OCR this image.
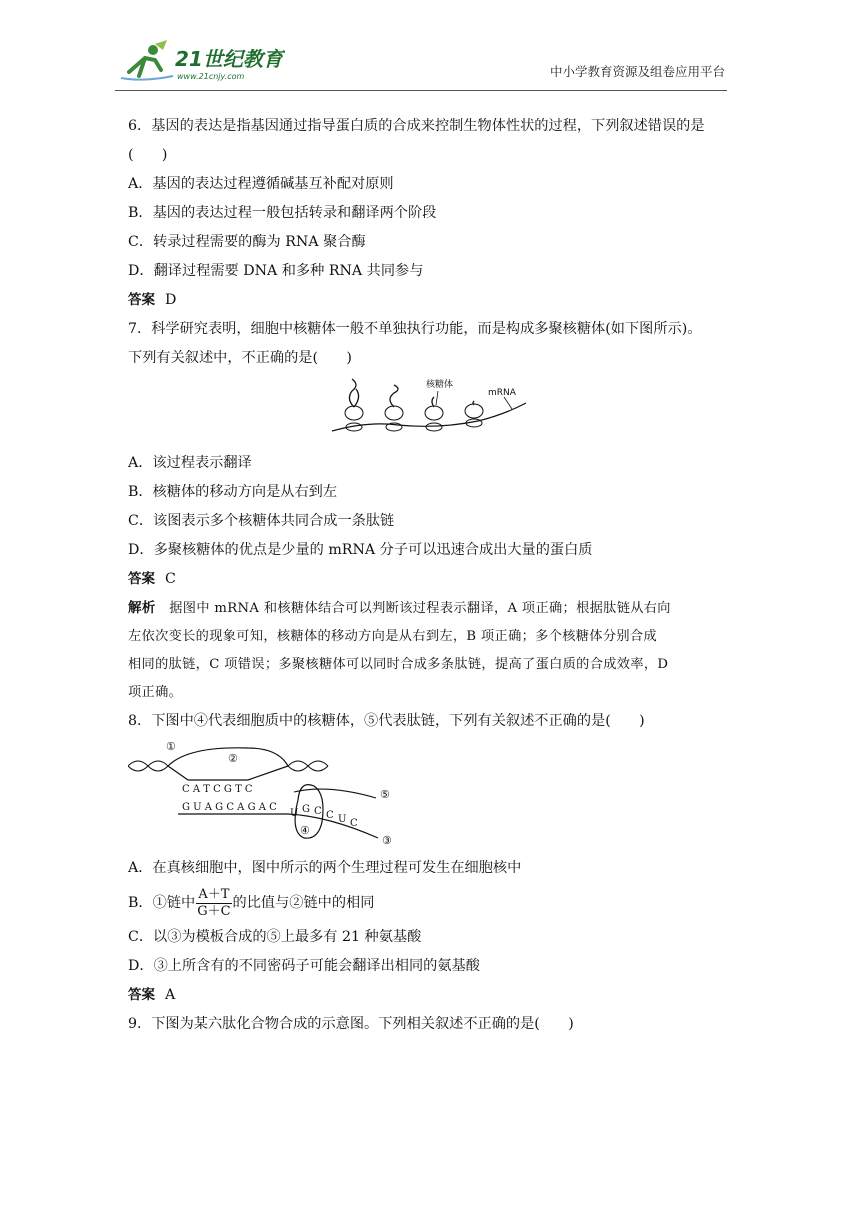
21世纪教育
www.21cnjy.com	中小学教育资源及组卷应用平台
6．基因的表达是指基因通过指导蛋白质的合成来控制生物体性状的过程，下列叙述错误的是
(　　)
A．基因的表达过程遵循碱基互补配对原则
B．基因的表达过程一般包括转录和翻译两个阶段
C．转录过程需要的酶为 RNA 聚合酶
D．翻译过程需要 DNA 和多种 RNA 共同参与
答案 D
7．科学研究表明，细胞中核糖体一般不单独执行功能，而是构成多聚核糖体(如下图所示)。
下列有关叙述中，不正确的是(　　)
核糖体
mRNA
A．该过程表示翻译
B．核糖体的移动方向是从右到左
C．该图表示多个核糖体共同合成一条肽链
D．多聚核糖体的优点是少量的 mRNA 分子可以迅速合成出大量的蛋白质
答案 C
解析　 据图中 mRNA 和核糖体结合可以判断该过程表示翻译，A 项正确；根据肽链从右向
左依次变长的现象可知，核糖体的移动方向是从右到左，B 项正确；多个核糖体分别合成
相同的肽链，C 项错误；多聚核糖体可以同时合成多条肽链，提高了蛋白质的合成效率，D
项正确。
8．下图中④代表细胞质中的核糖体，⑤代表肽链，下列有关叙述不正确的是(　　)
①
②
C A T C G T C
G U A G C A G A C
U G C C U C
④
⑤
③
A．在真核细胞中，图中所示的两个生理过程可发生在细胞核中
B．①链中 $\frac{A+T}{G+C}$ 的比值与②链中的相同
C．以③为模板合成的⑤上最多有 21 种氨基酸
D．③上所含有的不同密码子可能会翻译出相同的氨基酸
答案 A
9．下图为某六肽化合物合成的示意图。下列相关叙述不正确的是(　　)
